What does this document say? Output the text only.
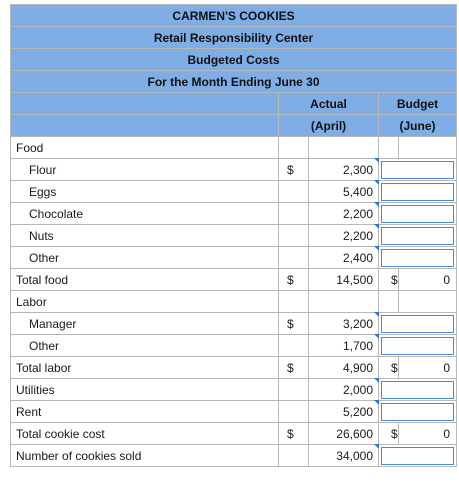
CARMEN'S COOKIES				
Retail Responsibility Center				
Budgeted Costs				
For the Month Ending June 30				
	Actual		Budget	
	(April)		(June)	
Food				
Flour	$	2,300	

Eggs		5,400	

Chocolate		2,200	

Nuts		2,200	

Other		2,400	

Total food	$	14,500	$	0
Labor				
Manager	$	3,200	

Other		1,700	

Total labor	$	4,900	$	0
Utilities		2,000	

Rent		5,200	

Total cookie cost	$	26,600	$	0
Number of cookies sold		34,000	
